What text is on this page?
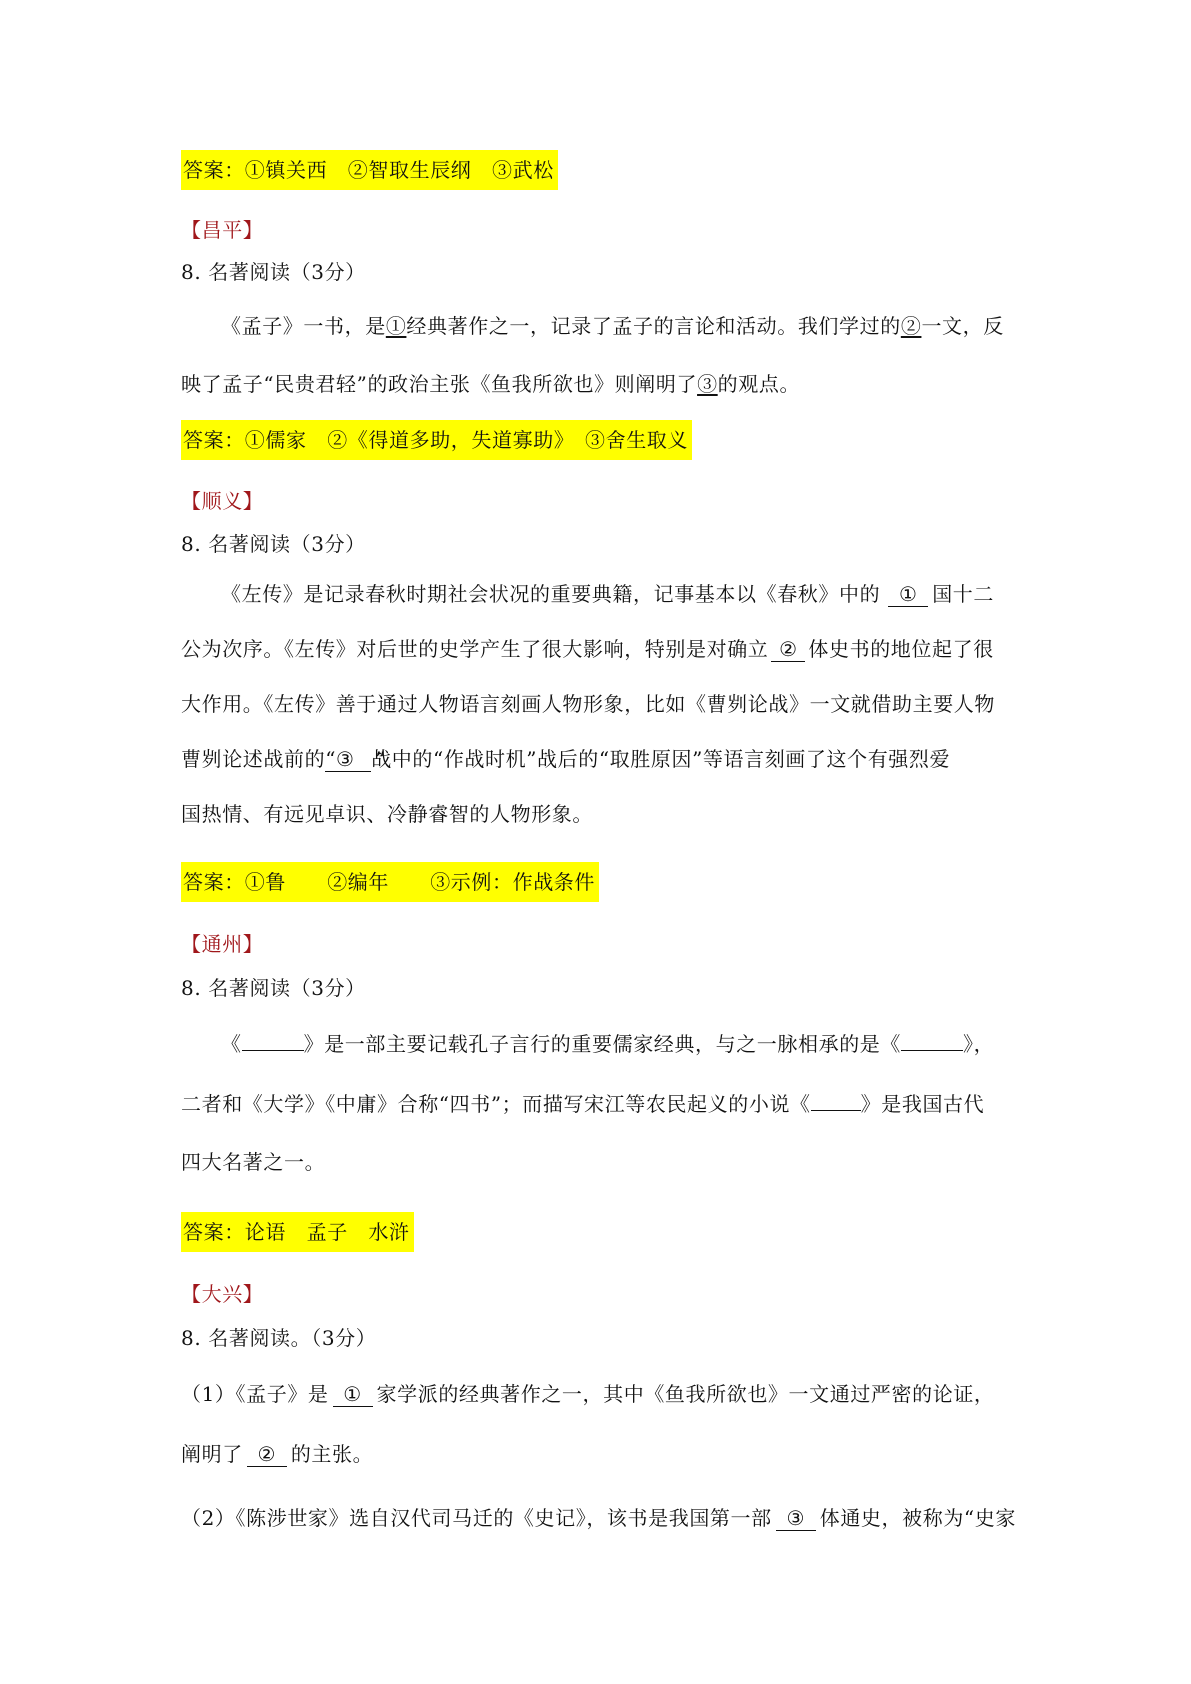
答案：①镇关西　②智取生辰纲　③武松
【昌平】
8. 名著阅读（3分）
《孟子》一书，是①经典著作之一，记录了孟子的言论和活动。我们学过的②一文，反
映了孟子“民贵君轻”的政治主张《鱼我所欲也》则阐明了③的观点。
答案：①儒家　②《得道多助，失道寡助》　③舍生取义
【顺义】
8. 名著阅读（3分）
《左传》是记录春秋时期社会状况的重要典籍，记事基本以《春秋》中的 ① 国十二
公为次序。《左传》对后世的史学产生了很大影响，特别是对确立 ② 体史书的地位起了很
大作用。《左传》善于通过人物语言刻画人物形象，比如《曹刿论战》一文就借助主要人物
曹刿论述战前的“③　”战中的“作战时机”战后的“取胜原因”等语言刻画了这个有强烈爱
国热情、有远见卓识、冷静睿智的人物形象。
答案：①鲁　　②编年　　③示例：作战条件
【通州】
8. 名著阅读（3分）
《	》是一部主要记载孔子言行的重要儒家经典，与之一脉相承的是《	》，
二者和《大学》《中庸》合称“四书”；而描写宋江等农民起义的小说《	》是我国古代
四大名著之一。
答案：论语　孟子　水浒
【大兴】
8. 名著阅读。（3分）
（1）《孟子》是 ① 家学派的经典著作之一，其中《鱼我所欲也》一文通过严密的论证，
阐明了 ② 的主张。
（2）《陈涉世家》选自汉代司马迁的《史记》，该书是我国第一部 ③ 体通史，被称为“史家
